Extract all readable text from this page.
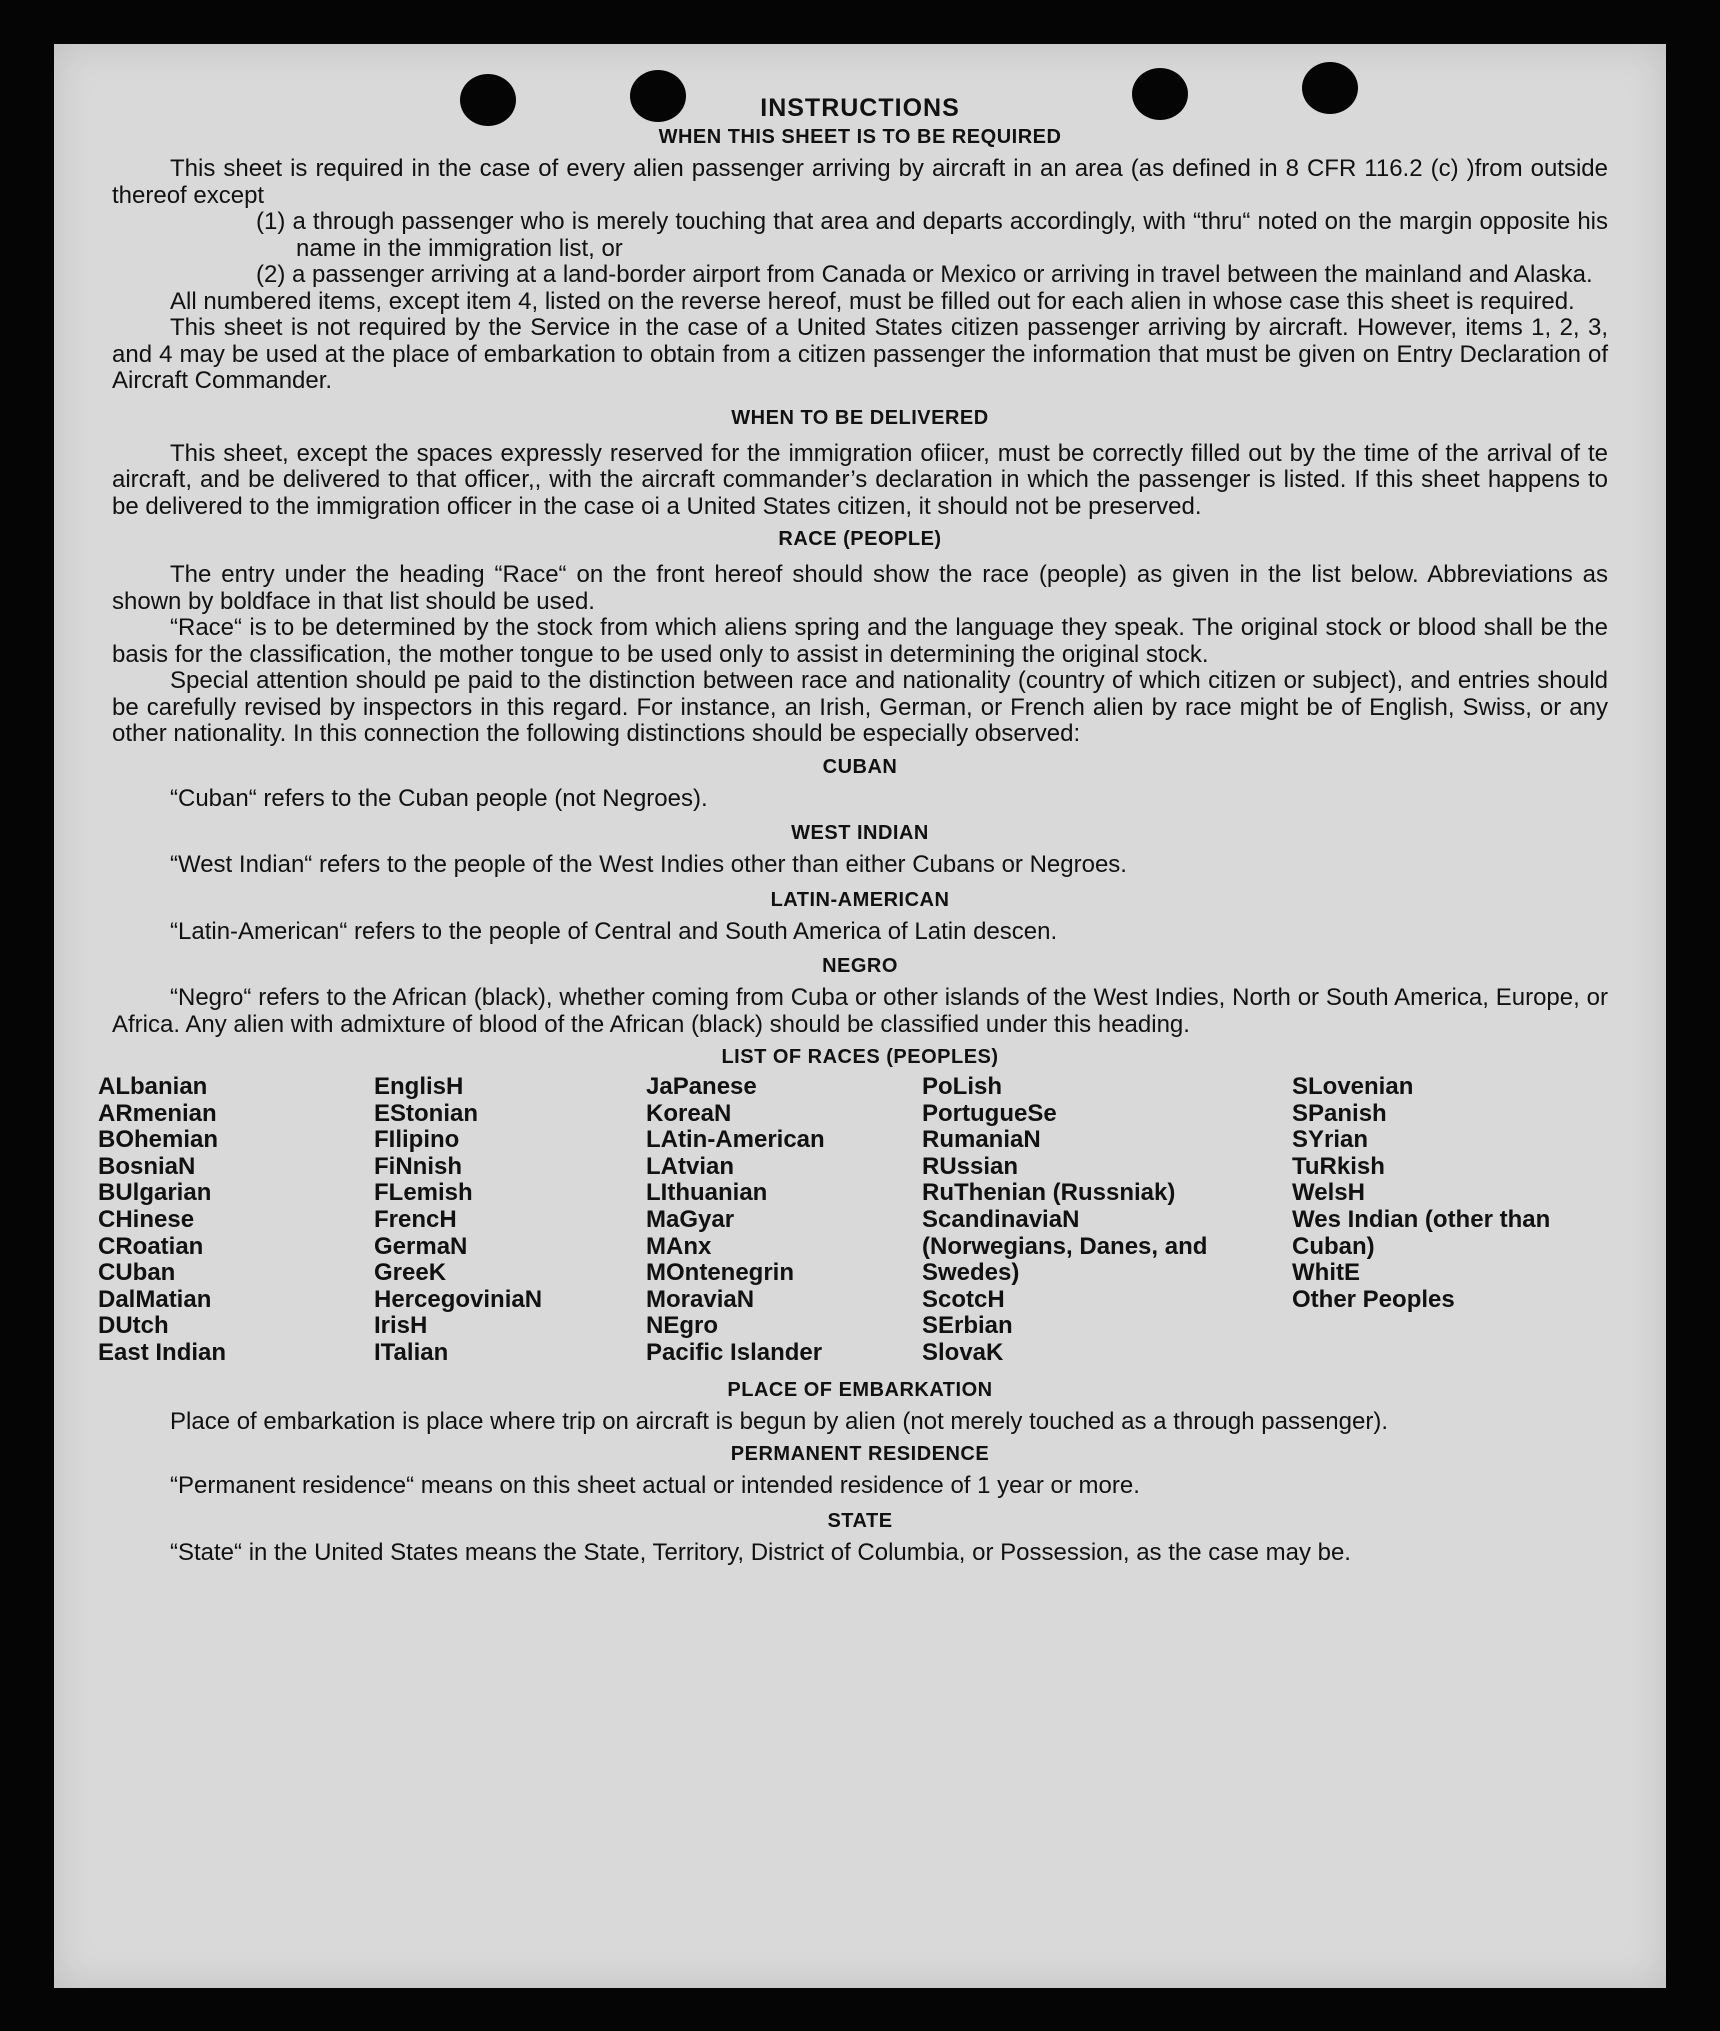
INSTRUCTIONS
WHEN THIS SHEET IS TO BE REQUIRED

This sheet is required in the case of every alien passenger arriving by aircraft in an area (as defined in 8 CFR 116.2 (c) )from outside thereof except

(1) a through passenger who is merely touching that area and departs accordingly, with “thru“ noted on the margin opposite his name in the immigration list, or

(2) a passenger arriving at a land-border airport from Canada or Mexico or arriving in travel between the mainland and Alaska.

All numbered items, except item 4, listed on the reverse hereof, must be filled out for each alien in whose case this sheet is required.

This sheet is not required by the Service in the case of a United States citizen passenger arriving by aircraft. However, items 1, 2, 3, and 4 may be used at the place of embarkation to obtain from a citizen passenger the information that must be given on Entry Declaration of Aircraft Commander.

WHEN TO BE DELIVERED

This sheet, except the spaces expressly reserved for the immigration ofiicer, must be correctly filled out by the time of the arrival of te aircraft, and be delivered to that officer,, with the aircraft commander’s declaration in which the passenger is listed. If this sheet happens to be delivered to the immigration officer in the case oi a United States citizen, it should not be preserved.

RACE (PEOPLE)

The entry under the heading “Race“ on the front hereof should show the race (people) as given in the list below. Abbreviations as shown by boldface in that list should be used.

“Race“ is to be determined by the stock from which aliens spring and the language they speak. The original stock or blood shall be the basis for the classification, the mother tongue to be used only to assist in determining the original stock.

Special attention should pe paid to the distinction between race and nationality (country of which citizen or subject), and entries should be carefully revised by inspectors in this regard. For instance, an Irish, German, or French alien by race might be of English, Swiss, or any other nationality. In this connection the following distinctions should be especially observed:

CUBAN

“Cuban“ refers to the Cuban people (not Negroes).

WEST INDIAN

“West Indian“ refers to the people of the West Indies other than either Cubans or Negroes.

LATIN-AMERICAN

“Latin-American“ refers to the people of Central and South America of Latin descen.

NEGRO

“Negro“ refers to the African (black), whether coming from Cuba or other islands of the West Indies, North or South America, Europe, or Africa. Any alien with admixture of blood of the African (black) should be classified under this heading.

LIST OF RACES (PEOPLES)
ALbanian
ARmenian
BOhemian
BosniaN
BUlgarian
CHinese
CRoatian
CUban
DalMatian
DUtch
East Indian
EnglisH
EStonian
FIlipino
FiNnish
FLemish
FrencH
GermaN
GreeK
HercegoviniaN
IrisH
ITalian
JaPanese
KoreaN
LAtin-American
LAtvian
LIthuanian
MaGyar
MAnx
MOntenegrin
MoraviaN
NEgro
Pacific Islander
PoLish
PortugueSe
RumaniaN
RUssian
RuThenian (Russniak)
ScandinaviaN (Norwegians, Danes, and Swedes)
ScotcH
SErbian
SlovaK
SLovenian
SPanish
SYrian
TuRkish
WelsH
Wes Indian (other than Cuban)
WhitE
Other Peoples
PLACE OF EMBARKATION

Place of embarkation is place where trip on aircraft is begun by alien (not merely touched as a through passenger).

PERMANENT RESIDENCE

“Permanent residence“ means on this sheet actual or intended residence of 1 year or more.

STATE

“State“ in the United States means the State, Territory, District of Columbia, or Possession, as the case may be.
